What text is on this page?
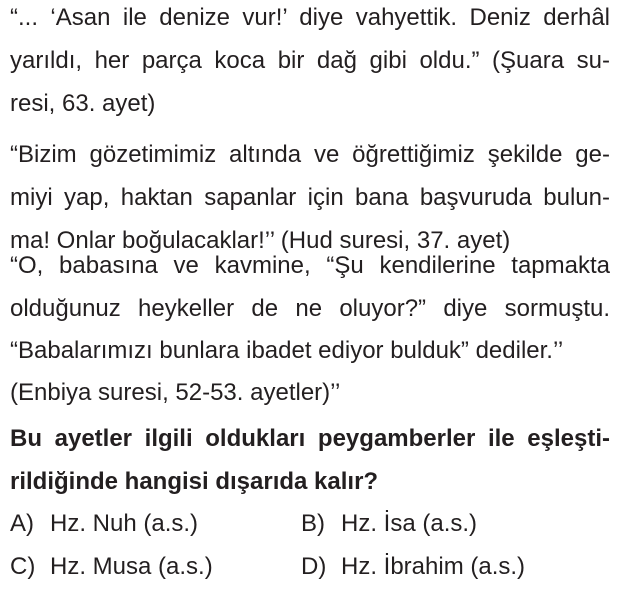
“... ‘Asan ile denize vur!’ diye vahyettik. Deniz derhâl

yarıldı, her parça koca bir dağ gibi oldu.” (Şuara su-

resi, 63. ayet)

“Bizim gözetimimiz altında ve öğrettiğimiz şekilde ge-

miyi yap, haktan sapanlar için bana başvuruda bulun-

ma! Onlar boğulacaklar!’’ (Hud suresi, 37. ayet)

“O, babasına ve kavmine, “Şu kendilerine tapmakta

olduğunuz heykeller de ne oluyor?” diye sormuştu.

“Babalarımızı bunlara ibadet ediyor bulduk” dediler.’’

(Enbiya suresi, 52-53. ayetler)’’

Bu ayetler ilgili oldukları peygamberler ile eşleşti-

rildiğinde hangisi dışarıda kalır?

A) Hz. Nuh (a.s.)	B) Hz. İsa (a.s.)
C) Hz. Musa (a.s.)	D) Hz. İbrahim (a.s.)
